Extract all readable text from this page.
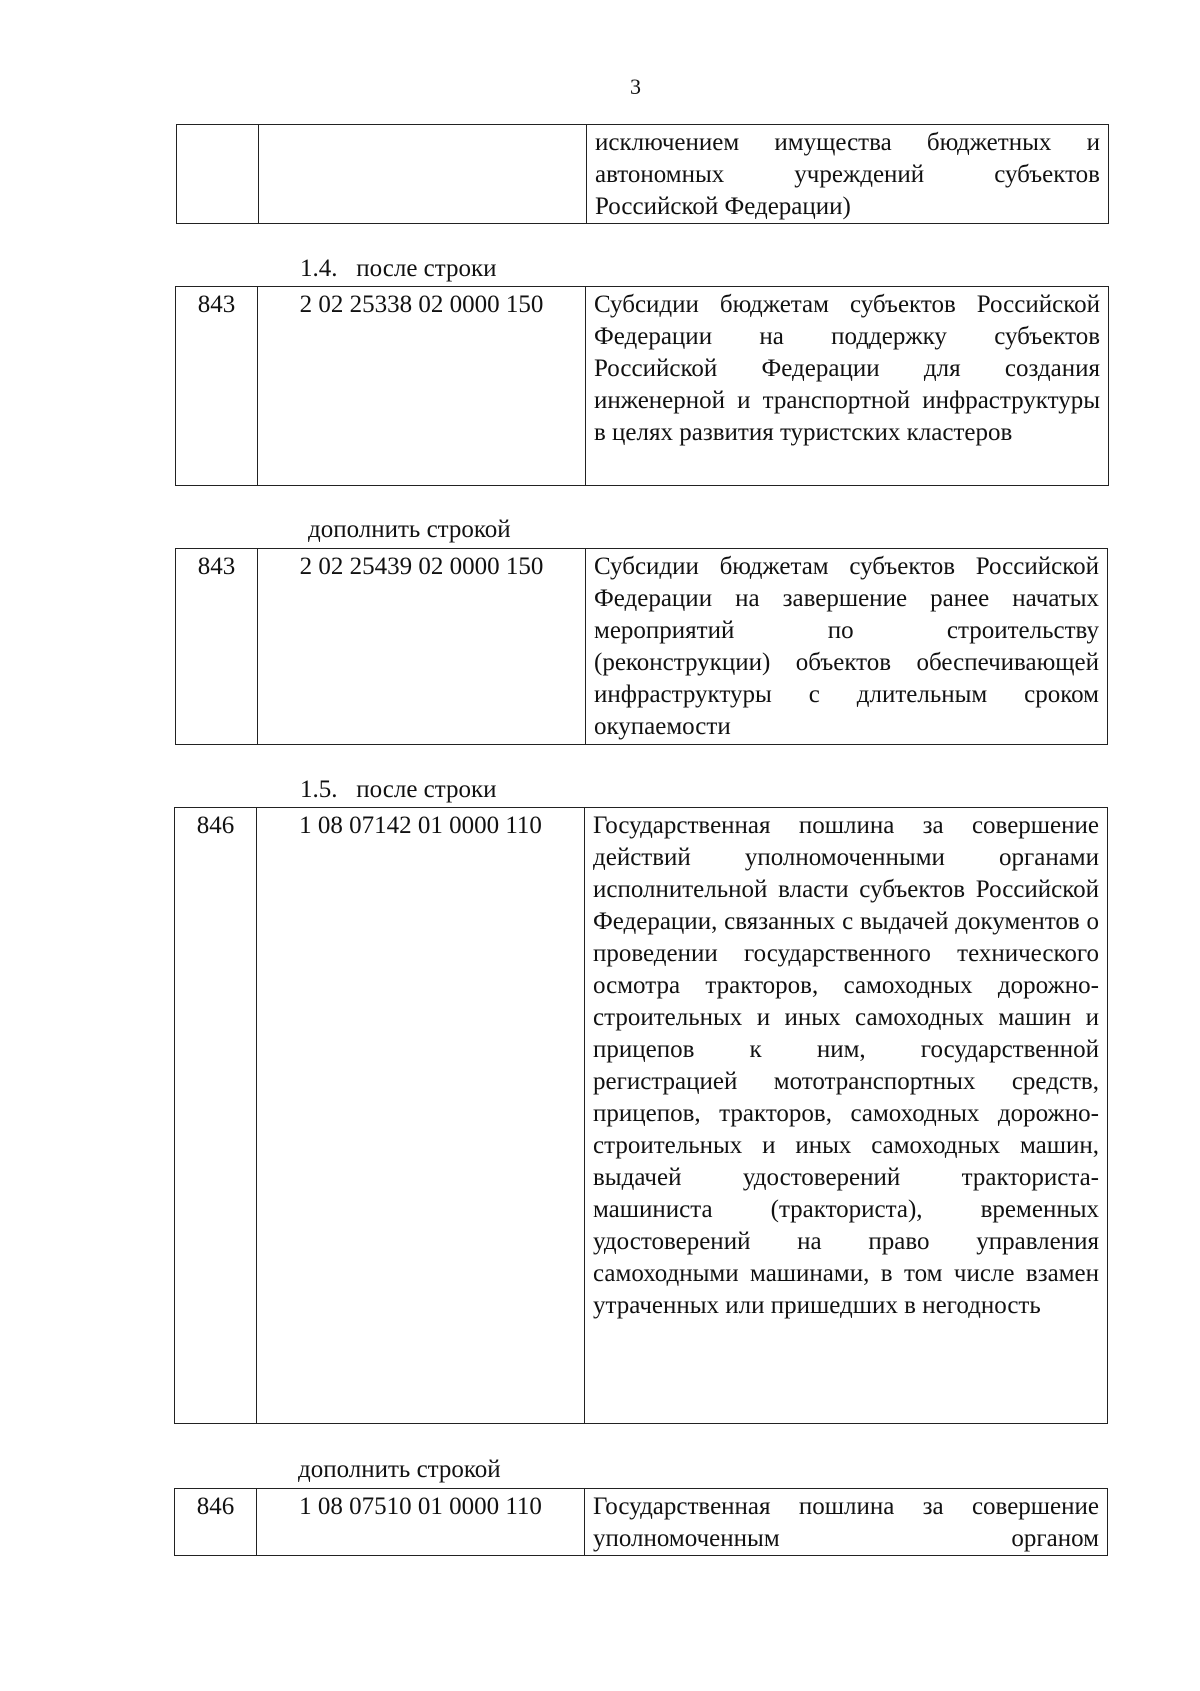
3
		исключением имущества бюджетных и автономных учреждений субъектов Российской Федерации)
1.4.  после строки
843	2 02 25338 02 0000 150	Субсидии бюджетам субъектов Российской Федерации на поддержку субъектов Российской Федерации для создания инженерной и транспортной инфраструктуры в целях развития туристских кластеров
дополнить строкой
843	2 02 25439 02 0000 150	Субсидии бюджетам субъектов Российской Федерации на завершение ранее начатых мероприятий по строительству (реконструкции) объектов обеспечивающей инфраструктуры с длительным сроком окупаемости
1.5.  после строки
846	1 08 07142 01 0000 110	Государственная пошлина за совершение действий уполномоченными органами исполнительной власти субъектов Российской Федерации, связанных с выдачей документов о проведении государственного технического осмотра тракторов, самоходных дорожно-строительных и иных самоходных машин и прицепов к ним, государственной регистрацией мототранспортных средств, прицепов, тракторов, самоходных дорожно-строительных и иных самоходных машин, выдачей удостоверений тракториста-машиниста (тракториста), временных удостоверений на право управления самоходными машинами, в том числе взамен утраченных или пришедших в негодность
дополнить строкой
846	1 08 07510 01 0000 110	Государственная пошлина за совершение уполномоченным органом
